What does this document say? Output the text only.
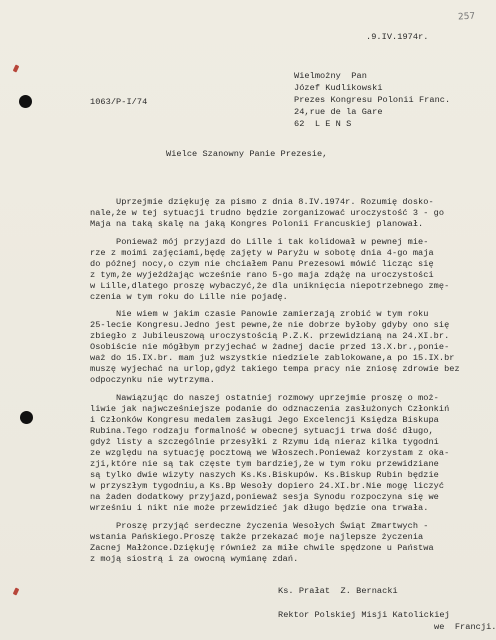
257
.9.IV.1974r.
1063/P-I/74
Wielmożny  Pan
Józef Kudlikowski
Prezes Kongresu Polonii Franc.
24,rue de la Gare
62  L E N S
Wielce Szanowny Panie Prezesie,
Uprzejmie dziękuję za pismo z dnia 8.IV.1974r. Rozumię dosko-
nale,że w tej sytuacji trudno będzie zorganizować uroczystość 3 - go
Maja na taką skalę na jaką Kongres Polonii Francuskiej planował.
Ponieważ mój przyjazd do Lille i tak kolidował w pewnej mie-
rze z moimi zajęciami,będę zajęty w Paryżu w sobotę dnia 4-go maja
do późnej nocy,o czym nie chciałem Panu Prezesowi mówić licząc się
z tym,że wyjeżdżając wcześnie rano 5-go maja zdążę na uroczystości
w Lille,dlatego proszę wybaczyć,że dla uniknięcia niepotrzebnego zmę-
czenia w tym roku do Lille nie pojadę.
Nie wiem w jakim czasie Panowie zamierzają zrobić w tym roku
25-lecie Kongresu.Jedno jest pewne,że nie dobrze byłoby gdyby ono się
zbiegło z Jubileuszową uroczystością P.Z.K. przewidzianą na 24.XI.br.
Osobiście nie mógłbym przyjechać w żadnej dacie przed 13.X.br.,ponie-
waż do 15.IX.br. mam już wszystkie niedziele zablokowane,a po 15.IX.br
muszę wyjechać na urlop,gdyż takiego tempa pracy nie zniosę zdrowie bez
odpoczynku nie wytrzyma.
Nawiązując do naszej ostatniej rozmowy uprzejmie proszę o moż-
liwie jak najwcześniejsze podanie do odznaczenia zasłużonych Członkiń
i Członków Kongresu medalem zasługi Jego Excelencji Księdza Biskupa
Rubina.Tego rodzaju formalność w obecnej sytuacji trwa dość długo,
gdyż listy a szczególnie przesyłki z Rzymu idą nieraz kilka tygodni
ze względu na sytuację pocztową we Włoszech.Ponieważ korzystam z oka-
zji,które nie są tak częste tym bardziej,że w tym roku przewidziane
są tylko dwie wizyty naszych Ks.Ks.Biskupów. Ks.Biskup Rubin będzie
w przyszłym tygodniu,a Ks.Bp Wesoły dopiero 24.XI.br.Nie mogę liczyć
na żaden dodatkowy przyjazd,ponieważ sesja Synodu rozpoczyna się we
wrześniu i nikt nie może przewidzieć jak długo będzie ona trwała.
Proszę przyjąć serdeczne życzenia Wesołych Świąt Zmartwych -
wstania Pańskiego.Proszę także przekazać moje najlepsze życzenia
Zacnej Małżonce.Dziękuję również za miłe chwile spędzone u Państwa
z moją siostrą i za owocną wymianę zdań.
Ks. Prałat  Z. Bernacki
Rektor Polskiej Misji Katolickiej
we  Francji.
